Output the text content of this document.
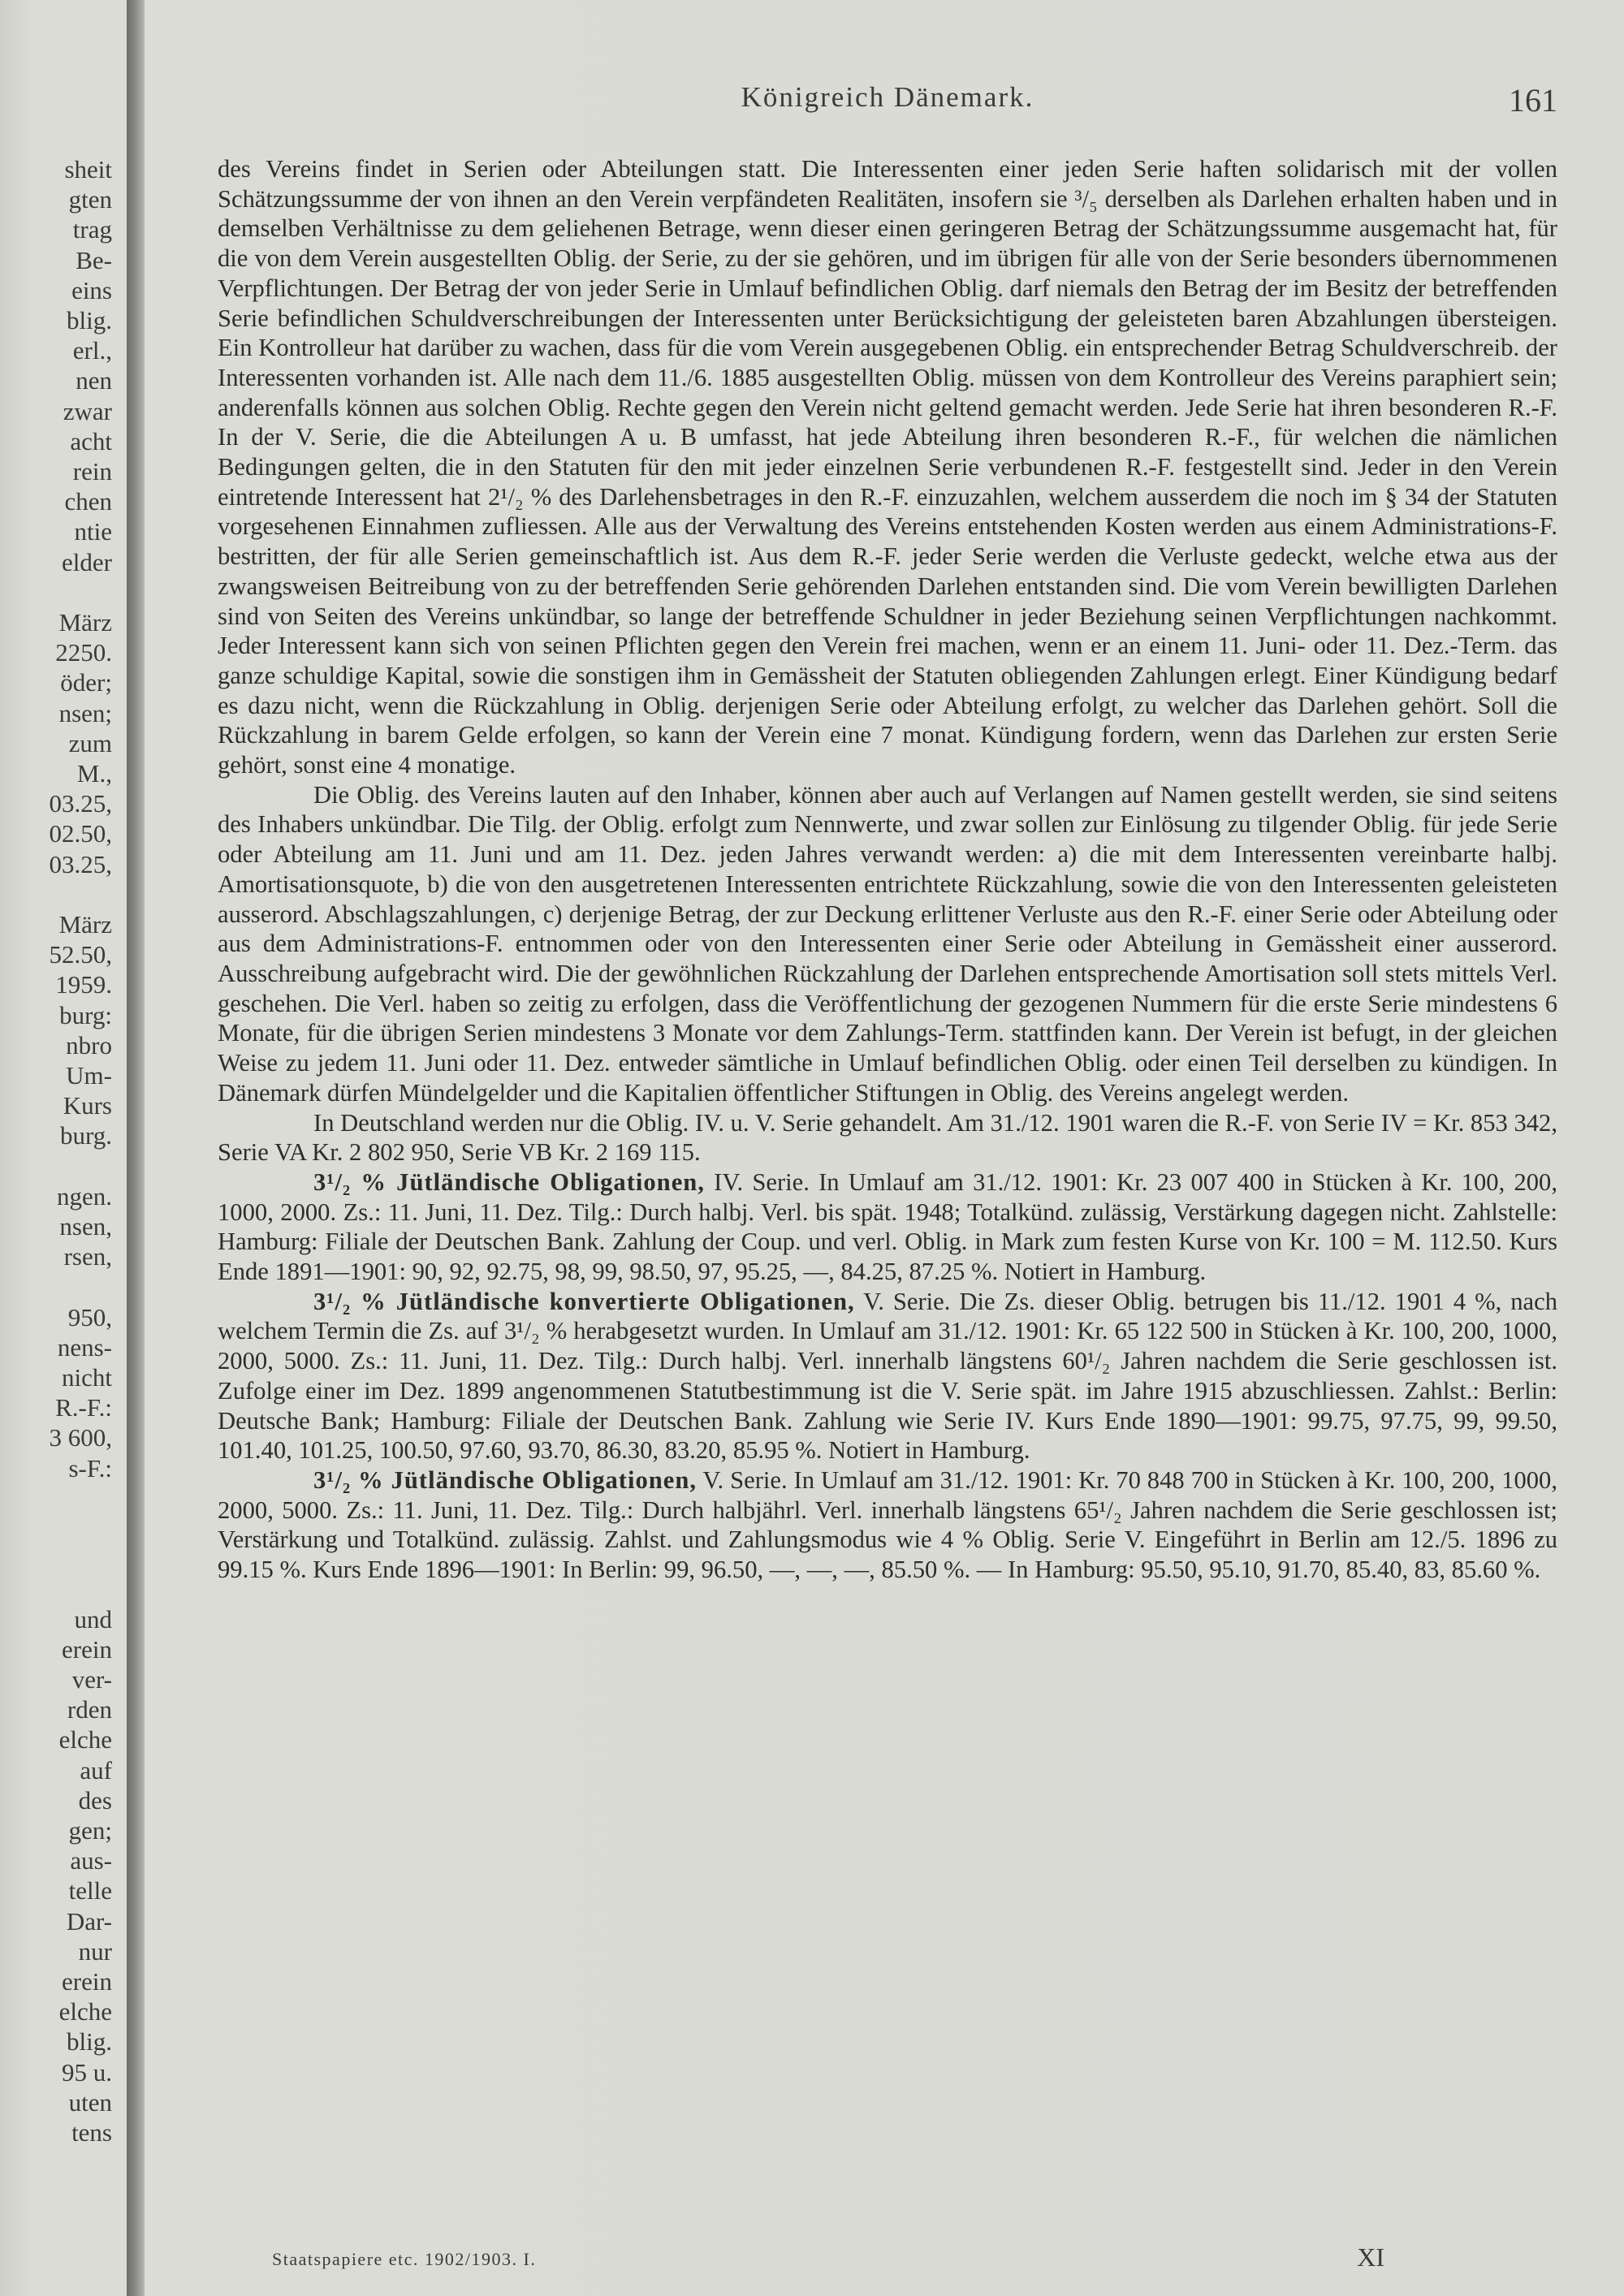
sheit
gten
trag
Be-
eins
blig.
erl.,
nen
zwar
acht
rein
chen
ntie
elder
März
2250.
öder;
nsen;
zum
M.,
03.25,
02.50,
03.25,
März
52.50,
1959.
burg:
nbro
Um-
Kurs
burg.
ngen.
nsen,
rsen,
950,
nens-
nicht
R.-F.:
3 600,
s-F.:
und
erein
ver-
rden
elche
auf
des
gen;
aus-
telle
Dar-
nur
erein
elche
blig.
95 u.
uten
tens
Königreich Dänemark.	161

des Vereins findet in Serien oder Abteilungen statt. Die Interessenten einer jeden Serie haften solidarisch mit der vollen Schätzungssumme der von ihnen an den Verein verpfändeten Realitäten, insofern sie ³/₅ derselben als Darlehen erhalten haben und in demselben Verhältnisse zu dem geliehenen Betrage, wenn dieser einen geringeren Betrag der Schätzungssumme ausgemacht hat, für die von dem Verein ausgestellten Oblig. der Serie, zu der sie gehören, und im übrigen für alle von der Serie besonders übernommenen Verpflichtungen. Der Betrag der von jeder Serie in Umlauf befindlichen Oblig. darf niemals den Betrag der im Besitz der betreffenden Serie befindlichen Schuldverschreibungen der Interessenten unter Berücksichtigung der geleisteten baren Abzahlungen übersteigen. Ein Kontrolleur hat darüber zu wachen, dass für die vom Verein ausgegebenen Oblig. ein entsprechender Betrag Schuldverschreib. der Interessenten vorhanden ist. Alle nach dem 11./6. 1885 ausgestellten Oblig. müssen von dem Kontrolleur des Vereins paraphiert sein; anderenfalls können aus solchen Oblig. Rechte gegen den Verein nicht geltend gemacht werden. Jede Serie hat ihren besonderen R.-F. In der V. Serie, die die Abteilungen A u. B umfasst, hat jede Abteilung ihren besonderen R.-F., für welchen die nämlichen Bedingungen gelten, die in den Statuten für den mit jeder einzelnen Serie verbundenen R.-F. festgestellt sind. Jeder in den Verein eintretende Interessent hat 2¹/₂ % des Darlehensbetrages in den R.-F. einzuzahlen, welchem ausserdem die noch im § 34 der Statuten vorgesehenen Einnahmen zufliessen. Alle aus der Verwaltung des Vereins entstehenden Kosten werden aus einem Administrations-F. bestritten, der für alle Serien gemeinschaftlich ist. Aus dem R.-F. jeder Serie werden die Verluste gedeckt, welche etwa aus der zwangsweisen Beitreibung von zu der betreffenden Serie gehörenden Darlehen entstanden sind. Die vom Verein bewilligten Darlehen sind von Seiten des Vereins unkündbar, so lange der betreffende Schuldner in jeder Beziehung seinen Verpflichtungen nachkommt. Jeder Interessent kann sich von seinen Pflichten gegen den Verein frei machen, wenn er an einem 11. Juni- oder 11. Dez.-Term. das ganze schuldige Kapital, sowie die sonstigen ihm in Gemässheit der Statuten obliegenden Zahlungen erlegt. Einer Kündigung bedarf es dazu nicht, wenn die Rückzahlung in Oblig. derjenigen Serie oder Abteilung erfolgt, zu welcher das Darlehen gehört. Soll die Rückzahlung in barem Gelde erfolgen, so kann der Verein eine 7 monat. Kündigung fordern, wenn das Darlehen zur ersten Serie gehört, sonst eine 4 monatige.

Die Oblig. des Vereins lauten auf den Inhaber, können aber auch auf Verlangen auf Namen gestellt werden, sie sind seitens des Inhabers unkündbar. Die Tilg. der Oblig. erfolgt zum Nennwerte, und zwar sollen zur Einlösung zu tilgender Oblig. für jede Serie oder Abteilung am 11. Juni und am 11. Dez. jeden Jahres verwandt werden: a) die mit dem Interessenten vereinbarte halbj. Amortisationsquote, b) die von den ausgetretenen Interessenten entrichtete Rückzahlung, sowie die von den Interessenten geleisteten ausserord. Abschlagszahlungen, c) derjenige Betrag, der zur Deckung erlittener Verluste aus den R.-F. einer Serie oder Abteilung oder aus dem Administrations-F. entnommen oder von den Interessenten einer Serie oder Abteilung in Gemässheit einer ausserord. Ausschreibung aufgebracht wird. Die der gewöhnlichen Rückzahlung der Darlehen entsprechende Amortisation soll stets mittels Verl. geschehen. Die Verl. haben so zeitig zu erfolgen, dass die Veröffentlichung der gezogenen Nummern für die erste Serie mindestens 6 Monate, für die übrigen Serien mindestens 3 Monate vor dem Zahlungs-Term. stattfinden kann. Der Verein ist befugt, in der gleichen Weise zu jedem 11. Juni oder 11. Dez. entweder sämtliche in Umlauf befindlichen Oblig. oder einen Teil derselben zu kündigen. In Dänemark dürfen Mündelgelder und die Kapitalien öffentlicher Stiftungen in Oblig. des Vereins angelegt werden.

In Deutschland werden nur die Oblig. IV. u. V. Serie gehandelt. Am 31./12. 1901 waren die R.-F. von Serie IV = Kr. 853 342, Serie VA Kr. 2 802 950, Serie VB Kr. 2 169 115.

3¹/₂ % Jütländische Obligationen, IV. Serie. In Umlauf am 31./12. 1901: Kr. 23 007 400 in Stücken à Kr. 100, 200, 1000, 2000. Zs.: 11. Juni, 11. Dez. Tilg.: Durch halbj. Verl. bis spät. 1948; Totalkünd. zulässig, Verstärkung dagegen nicht. Zahlstelle: Hamburg: Filiale der Deutschen Bank. Zahlung der Coup. und verl. Oblig. in Mark zum festen Kurse von Kr. 100 = M. 112.50. Kurs Ende 1891—1901: 90, 92, 92.75, 98, 99, 98.50, 97, 95.25, —, 84.25, 87.25 %. Notiert in Hamburg.

3¹/₂ % Jütländische konvertierte Obligationen, V. Serie. Die Zs. dieser Oblig. betrugen bis 11./12. 1901 4 %, nach welchem Termin die Zs. auf 3¹/₂ % herabgesetzt wurden. In Umlauf am 31./12. 1901: Kr. 65 122 500 in Stücken à Kr. 100, 200, 1000, 2000, 5000. Zs.: 11. Juni, 11. Dez. Tilg.: Durch halbj. Verl. innerhalb längstens 60¹/₂ Jahren nachdem die Serie geschlossen ist. Zufolge einer im Dez. 1899 angenommenen Statutbestimmung ist die V. Serie spät. im Jahre 1915 abzuschliessen. Zahlst.: Berlin: Deutsche Bank; Hamburg: Filiale der Deutschen Bank. Zahlung wie Serie IV. Kurs Ende 1890—1901: 99.75, 97.75, 99, 99.50, 101.40, 101.25, 100.50, 97.60, 93.70, 86.30, 83.20, 85.95 %. Notiert in Hamburg.

3¹/₂ % Jütländische Obligationen, V. Serie. In Umlauf am 31./12. 1901: Kr. 70 848 700 in Stücken à Kr. 100, 200, 1000, 2000, 5000. Zs.: 11. Juni, 11. Dez. Tilg.: Durch halbjährl. Verl. innerhalb längstens 65¹/₂ Jahren nachdem die Serie geschlossen ist; Verstärkung und Totalkünd. zulässig. Zahlst. und Zahlungsmodus wie 4 % Oblig. Serie V. Eingeführt in Berlin am 12./5. 1896 zu 99.15 %. Kurs Ende 1896—1901: In Berlin: 99, 96.50, —, —, —, 85.50 %. — In Hamburg: 95.50, 95.10, 91.70, 85.40, 83, 85.60 %.

Staatspapiere etc. 1902/1903. I.	XI
